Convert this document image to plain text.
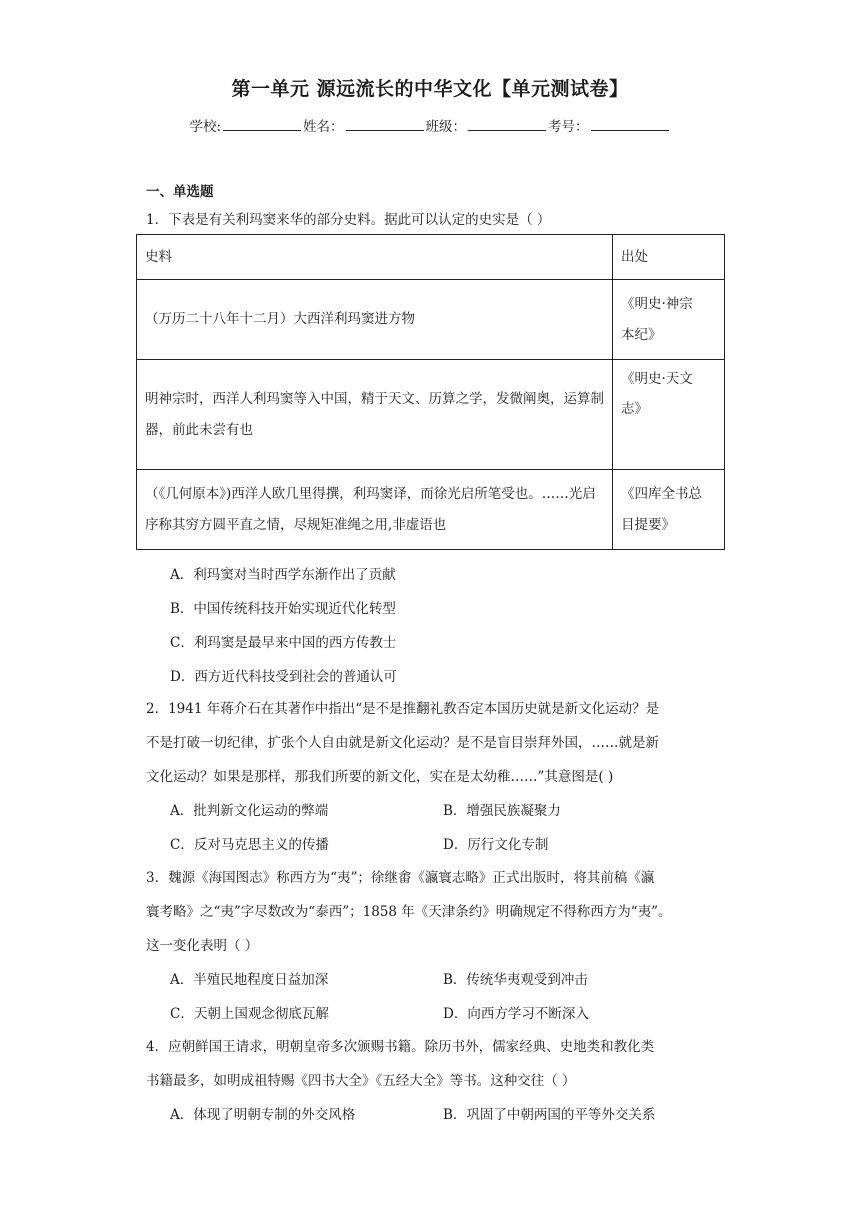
第一单元 源远流长的中华文化【单元测试卷】
学校:	姓名：	班级：	考号：
一、单选题
1．下表是有关利玛窦来华的部分史料。据此可以认定的史实是（ ）
史料	出处
（万历二十八年十二月）大西洋利玛窦进方物	《明史·神宗
本纪》
明神宗时，西洋人利玛窦等入中国，精于天文、历算之学，发微阐奥，运算制器，前此未尝有也	《明史·天文
志》
（《几何原本》)西洋人欧几里得撰，利玛窦译，而徐光启所笔受也。……光启序称其穷方圆平直之情，尽规矩准绳之用,非虚语也	《四库全书总
目提要》
A．利玛窦对当时西学东渐作出了贡献
B．中国传统科技开始实现近代化转型
C．利玛窦是最早来中国的西方传教士
D．西方近代科技受到社会的普通认可
2．1941 年蒋介石在其著作中指出“是不是推翻礼教否定本国历史就是新文化运动？是
不是打破一切纪律，扩张个人自由就是新文化运动？是不是盲目崇拜外国，……就是新
文化运动？如果是那样，那我们所要的新文化，实在是太幼稚……”其意图是( )
A．批判新文化运动的弊端	B．增强民族凝聚力
C．反对马克思主义的传播	D．厉行文化专制
3．魏源《海国图志》称西方为“夷”；徐继畬《瀛寰志略》正式出版时，将其前稿《瀛
寰考略》之“夷”字尽数改为“泰西”；1858 年《天津条约》明确规定不得称西方为“夷”。
这一变化表明（ ）
A．半殖民地程度日益加深	B．传统华夷观受到冲击
C．天朝上国观念彻底瓦解	D．向西方学习不断深入
4．应朝鲜国王请求，明朝皇帝多次颁赐书籍。除历书外，儒家经典、史地类和教化类
书籍最多，如明成祖特赐《四书大全》《五经大全》等书。这种交往（ ）
A．体现了明朝专制的外交风格	B．巩固了中朝两国的平等外交关系
